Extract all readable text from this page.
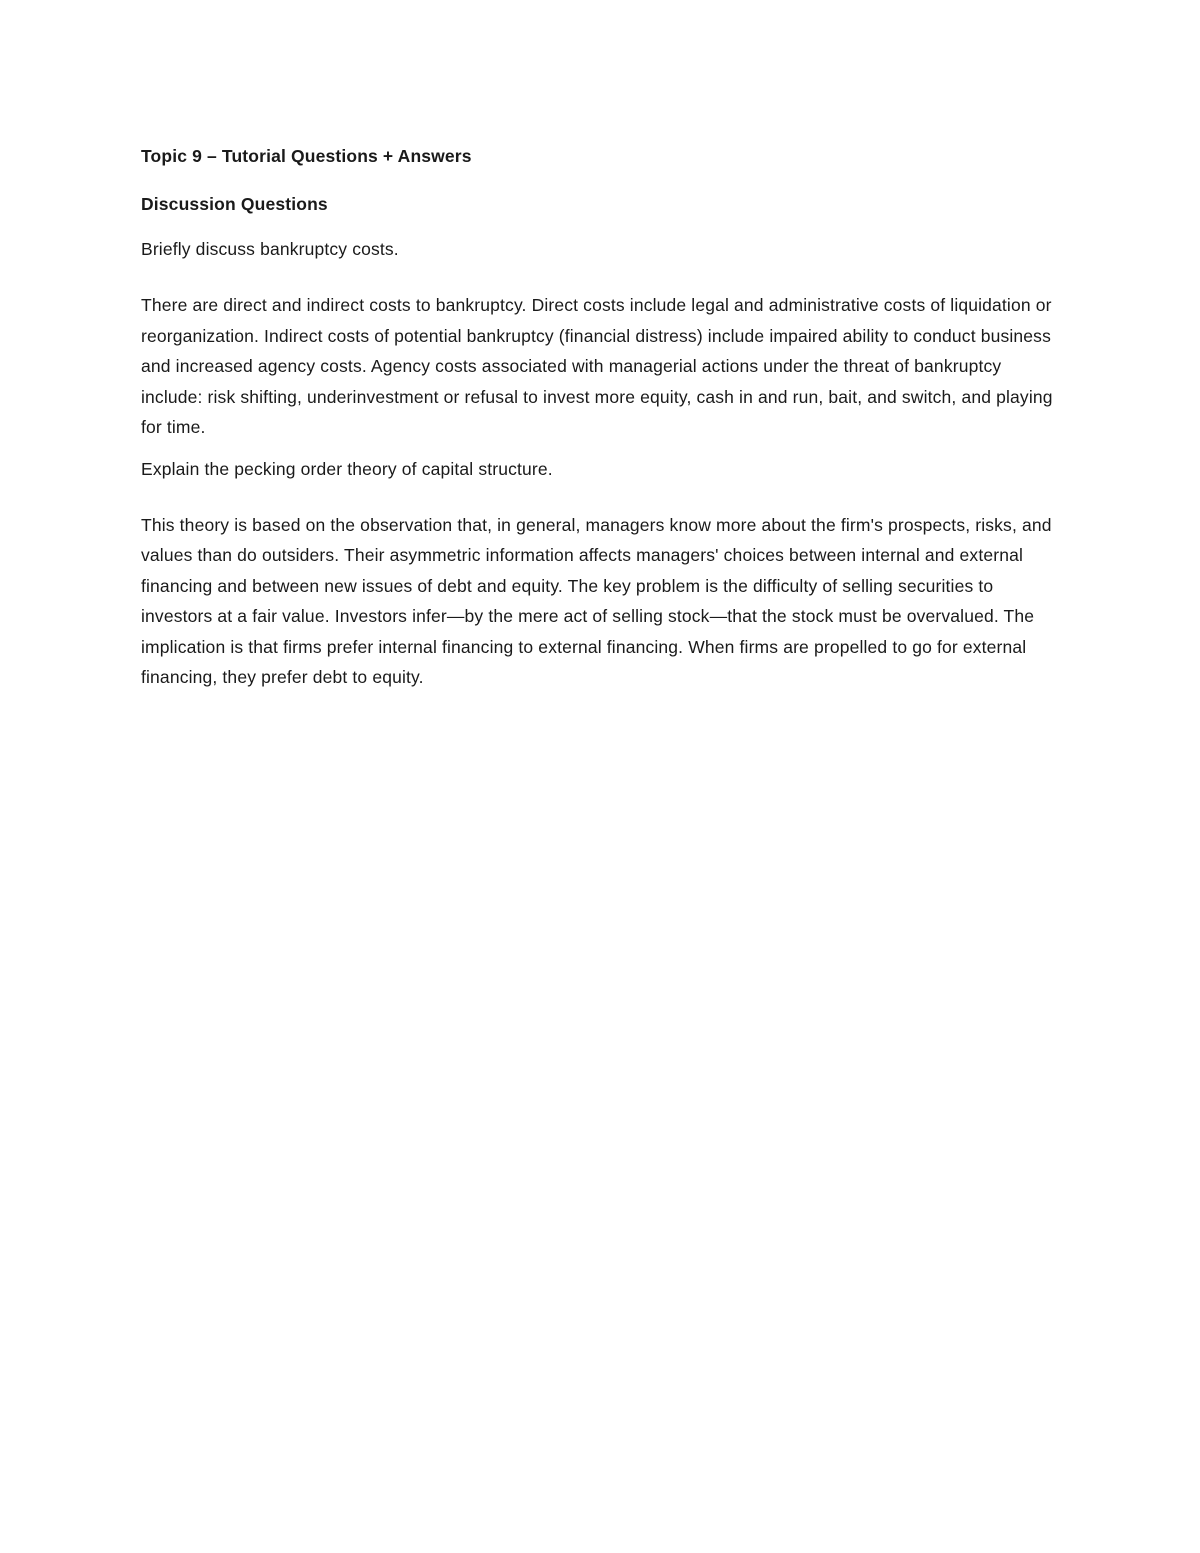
Topic 9 – Tutorial Questions + Answers

Discussion Questions

Briefly discuss bankruptcy costs.

There are direct and indirect costs to bankruptcy. Direct costs include legal and administrative costs of liquidation or reorganization. Indirect costs of potential bankruptcy (financial distress) include impaired ability to conduct business and increased agency costs. Agency costs associated with managerial actions under the threat of bankruptcy include: risk shifting, underinvestment or refusal to invest more equity, cash in and run, bait, and switch, and playing for time.

Explain the pecking order theory of capital structure.

This theory is based on the observation that, in general, managers know more about the firm's prospects, risks, and values than do outsiders. Their asymmetric information affects managers' choices between internal and external financing and between new issues of debt and equity. The key problem is the difficulty of selling securities to investors at a fair value. Investors infer—by the mere act of selling stock—that the stock must be overvalued. The implication is that firms prefer internal financing to external financing. When firms are propelled to go for external financing, they prefer debt to equity.
